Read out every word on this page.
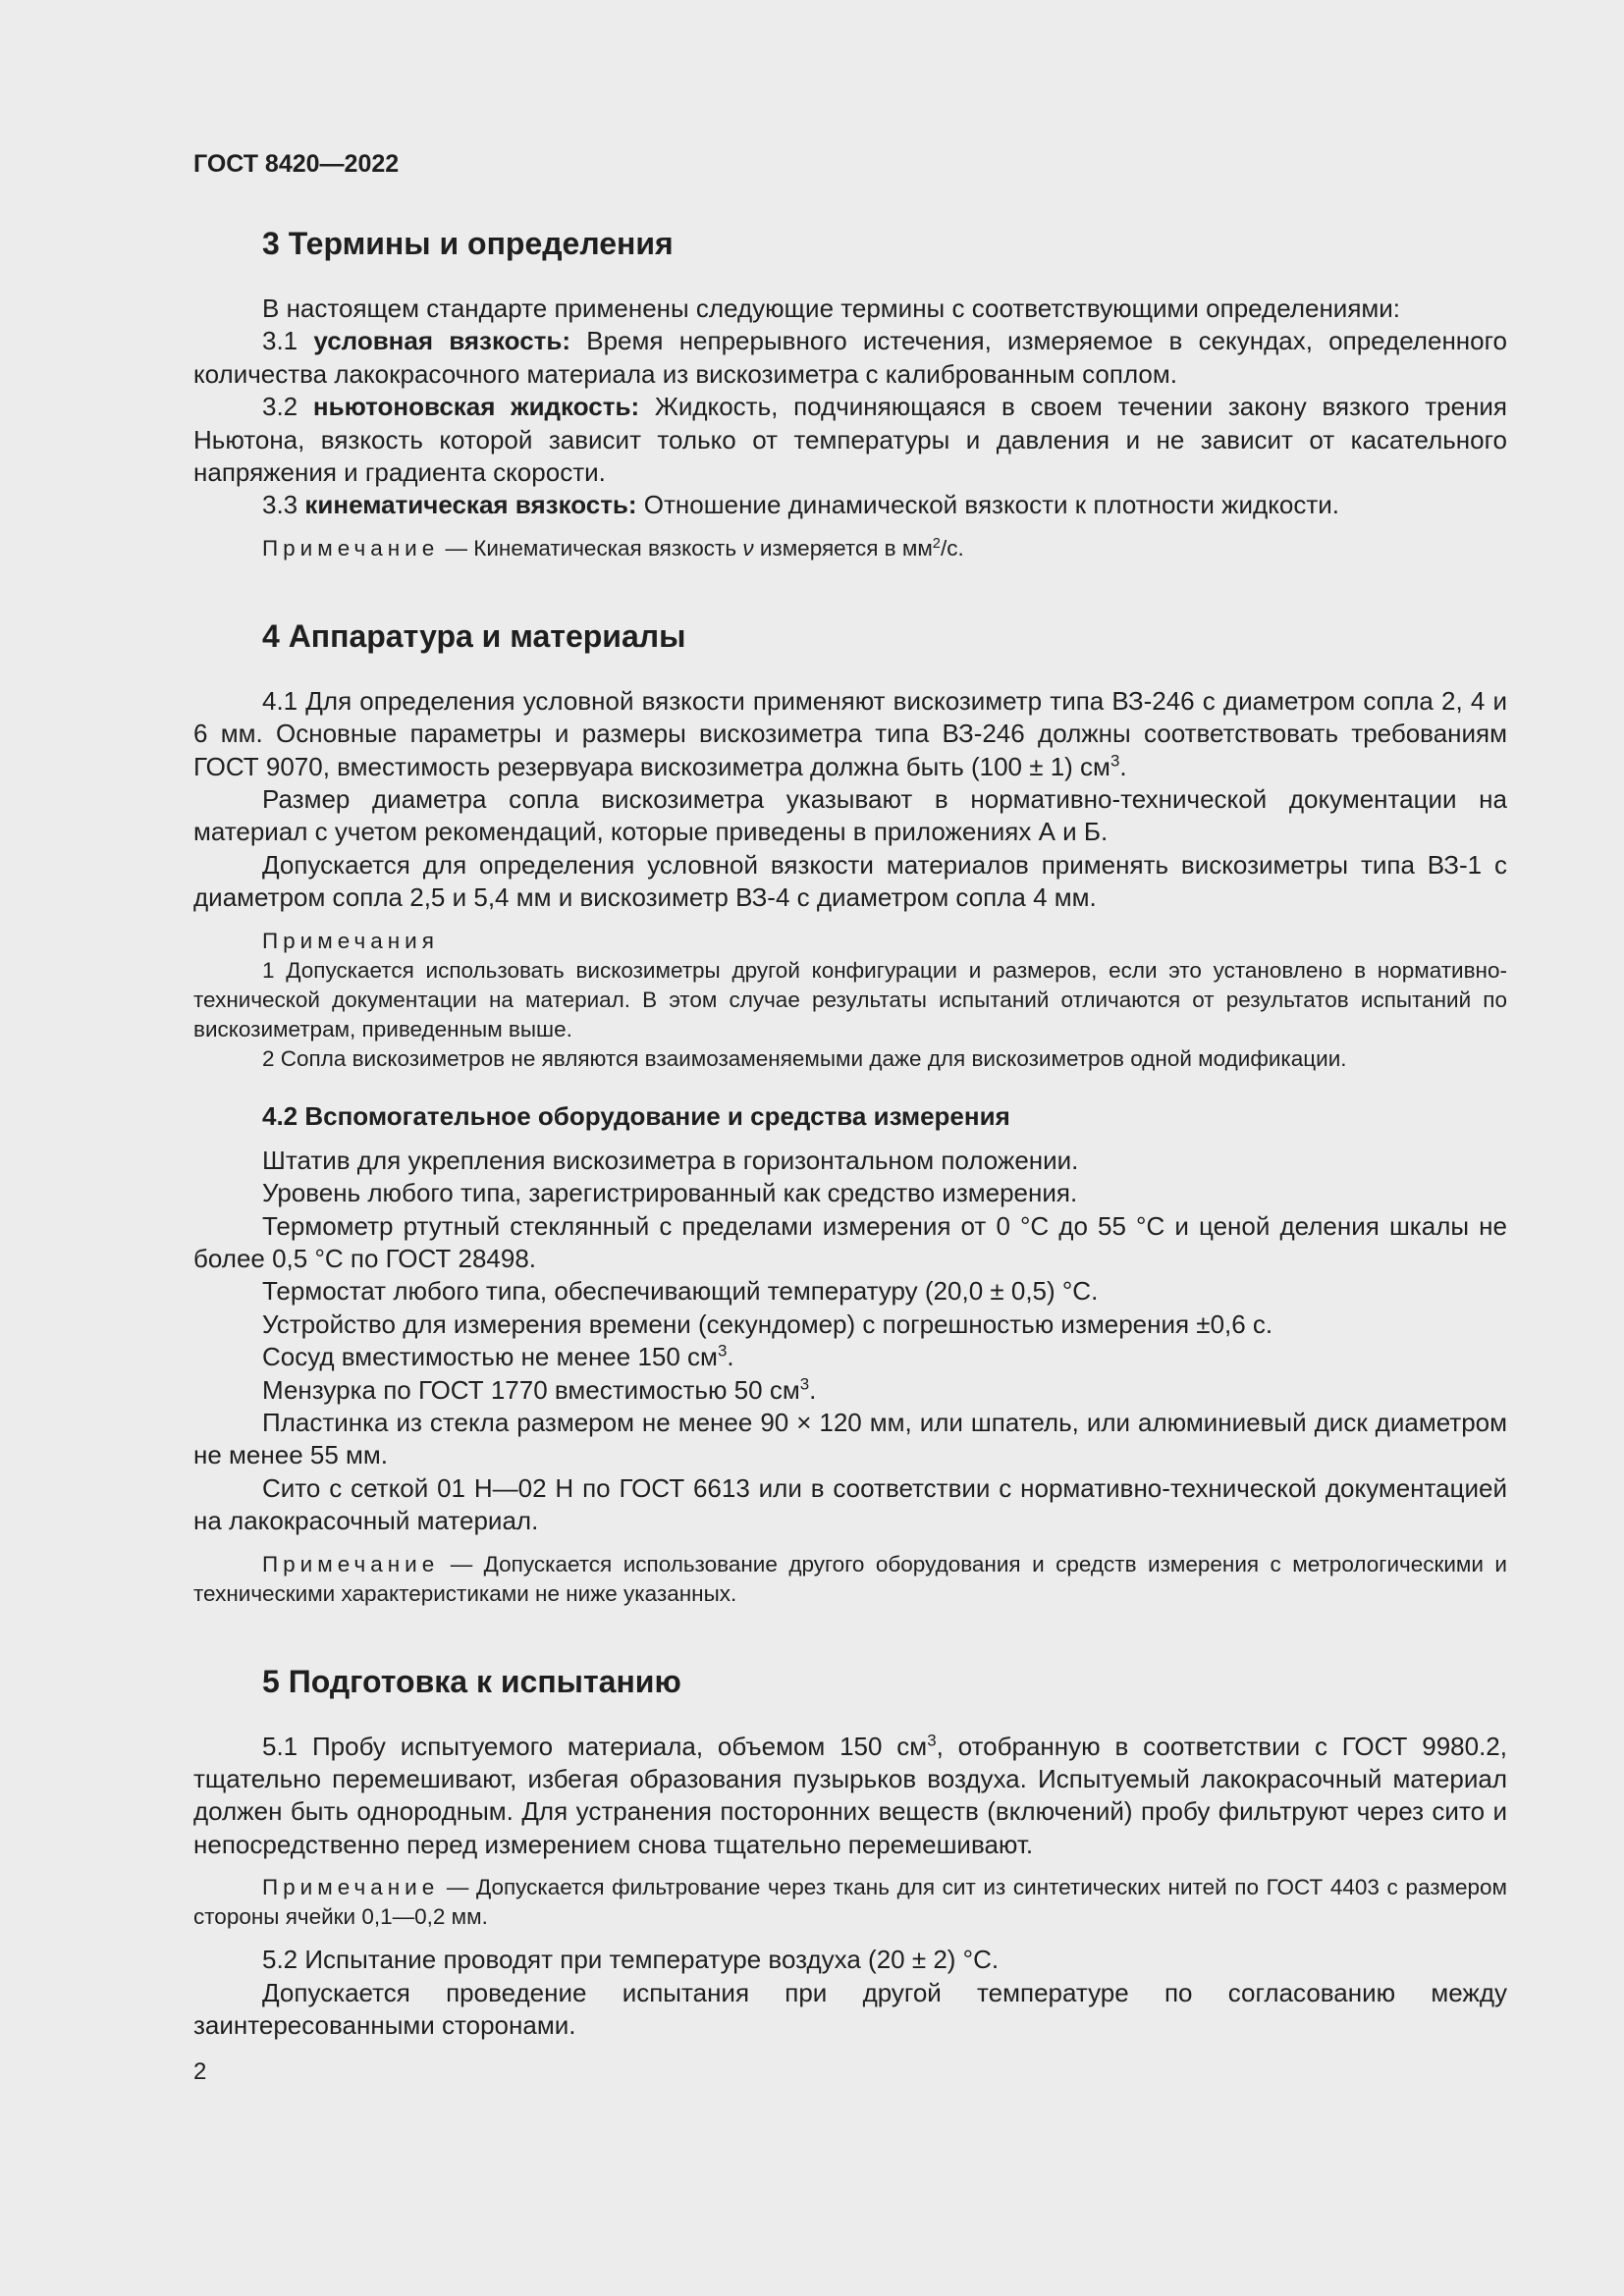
ГОСТ 8420—2022
3 Термины и определения

В настоящем стандарте применены следующие термины с соответствующими определениями:

3.1 условная вязкость: Время непрерывного истечения, измеряемое в секундах, определенного количества лакокрасочного материала из вискозиметра с калиброванным соплом.

3.2 ньютоновская жидкость: Жидкость, подчиняющаяся в своем течении закону вязкого трения Ньютона, вязкость которой зависит только от температуры и давления и не зависит от касательного напряжения и градиента скорости.

3.3 кинематическая вязкость: Отношение динамической вязкости к плотности жидкости.

Примечание — Кинематическая вязкость ν измеряется в $мм^2/с$.
4 Аппаратура и материалы

4.1 Для определения условной вязкости применяют вискозиметр типа ВЗ-246 с диаметром сопла 2, 4 и 6 мм. Основные параметры и размеры вискозиметра типа ВЗ-246 должны соответствовать требованиям ГОСТ 9070, вместимость резервуара вискозиметра должна быть (100 ± 1) $см^3$.

Размер диаметра сопла вискозиметра указывают в нормативно-технической документации на материал с учетом рекомендаций, которые приведены в приложениях А и Б.

Допускается для определения условной вязкости материалов применять вискозиметры типа ВЗ-1 с диаметром сопла 2,5 и 5,4 мм и вискозиметр ВЗ-4 с диаметром сопла 4 мм.

Примечания
1 Допускается использовать вискозиметры другой конфигурации и размеров, если это установлено в нормативно-технической документации на материал. В этом случае результаты испытаний отличаются от результатов испытаний по вискозиметрам, приведенным выше.
2 Сопла вискозиметров не являются взаимозаменяемыми даже для вискозиметров одной модификации.
4.2 Вспомогательное оборудование и средства измерения

Штатив для укрепления вискозиметра в горизонтальном положении.

Уровень любого типа, зарегистрированный как средство измерения.

Термометр ртутный стеклянный с пределами измерения от 0 °С до 55 °С и ценой деления шкалы не более 0,5 °С по ГОСТ 28498.

Термостат любого типа, обеспечивающий температуру (20,0 ± 0,5) °С.

Устройство для измерения времени (секундомер) с погрешностью измерения ±0,6 с.

Сосуд вместимостью не менее 150 $см^3$.

Мензурка по ГОСТ 1770 вместимостью 50 $см^3$.

Пластинка из стекла размером не менее 90 × 120 мм, или шпатель, или алюминиевый диск диаметром не менее 55 мм.

Сито с сеткой 01 Н—02 Н по ГОСТ 6613 или в соответствии с нормативно-технической документацией на лакокрасочный материал.

Примечание — Допускается использование другого оборудования и средств измерения с метрологическими и техническими характеристиками не ниже указанных.
5 Подготовка к испытанию

5.1 Пробу испытуемого материала, объемом 150 $см^3$, отобранную в соответствии с ГОСТ 9980.2, тщательно перемешивают, избегая образования пузырьков воздуха. Испытуемый лакокрасочный материал должен быть однородным. Для устранения посторонних веществ (включений) пробу фильтруют через сито и непосредственно перед измерением снова тщательно перемешивают.

Примечание — Допускается фильтрование через ткань для сит из синтетических нитей по ГОСТ 4403 с размером стороны ячейки 0,1—0,2 мм.

5.2 Испытание проводят при температуре воздуха (20 ± 2) °С.

Допускается проведение испытания при другой температуре по согласованию между заинтересованными сторонами.

2
